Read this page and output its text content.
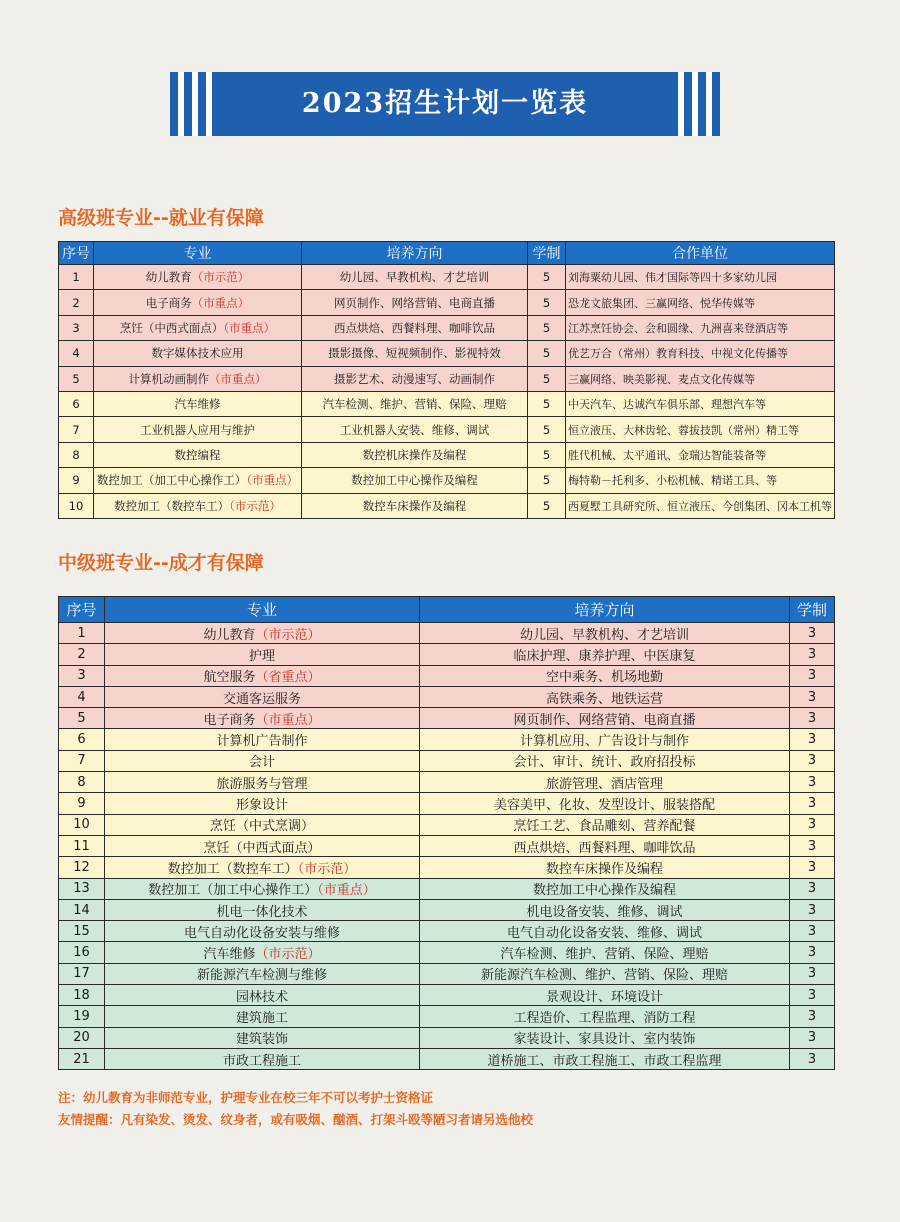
2023招生计划一览表
高级班专业--就业有保障
序号	专业	培养方向	学制	合作单位
1	幼儿教育（市示范）	幼儿园、早教机构、才艺培训	5	刘海粟幼儿园、伟才国际等四十多家幼儿园
2	电子商务（市重点）	网页制作、网络营销、电商直播	5	恐龙文旅集团、三赢网络、悦华传媒等
3	烹饪（中西式面点）（市重点）	西点烘焙、西餐料理、咖啡饮品	5	江苏烹饪协会、会和圆缘、九洲喜来登酒店等
4	数字媒体技术应用	摄影摄像、短视频制作、影视特效	5	优艺万合（常州）教育科技、中视文化传播等
5	计算机动画制作（市重点）	摄影艺术、动漫速写、动画制作	5	三赢网络、映美影视、麦点文化传媒等
6	汽车维修	汽车检测、维护、营销、保险、理赔	5	中天汽车、达诚汽车俱乐部、理想汽车等
7	工业机器人应用与维护	工业机器人安装、维修、调试	5	恒立液压、大林齿轮、蓉拔技凯（常州）精工等
8	数控编程	数控机床操作及编程	5	胜代机械、太平通讯、金瑞达智能装备等
9	数控加工（加工中心操作工）（市重点）	数控加工中心操作及编程	5	梅特勒－托利多、小松机械、精诺工具、等
10	数控加工（数控车工）（市示范）	数控车床操作及编程	5	西夏墅工具研究所、恒立液压、今创集团、冈本工机等
中级班专业--成才有保障
序号	专业	培养方向	学制
1	幼儿教育（市示范）	幼儿园、早教机构、才艺培训	3
2	护理	临床护理、康养护理、中医康复	3
3	航空服务（省重点）	空中乘务、机场地勤	3
4	交通客运服务	高铁乘务、地铁运营	3
5	电子商务（市重点）	网页制作、网络营销、电商直播	3
6	计算机广告制作	计算机应用、广告设计与制作	3
7	会计	会计、审计、统计、政府招投标	3
8	旅游服务与管理	旅游管理、酒店管理	3
9	形象设计	美容美甲、化妆、发型设计、服装搭配	3
10	烹饪（中式烹调）	烹饪工艺、食品雕刻、营养配餐	3
11	烹饪（中西式面点）	西点烘焙、西餐料理、咖啡饮品	3
12	数控加工（数控车工）（市示范）	数控车床操作及编程	3
13	数控加工（加工中心操作工）（市重点）	数控加工中心操作及编程	3
14	机电一体化技术	机电设备安装、维修、调试	3
15	电气自动化设备安装与维修	电气自动化设备安装、维修、调试	3
16	汽车维修（市示范）	汽车检测、维护、营销、保险、理赔	3
17	新能源汽车检测与维修	新能源汽车检测、维护、营销、保险、理赔	3
18	园林技术	景观设计、环境设计	3
19	建筑施工	工程造价、工程监理、消防工程	3
20	建筑装饰	家装设计、家具设计、室内装饰	3
21	市政工程施工	道桥施工、市政工程施工、市政工程监理	3
注：幼儿教育为非师范专业，护理专业在校三年不可以考护士资格证
友情提醒：凡有染发、烫发、纹身者，或有吸烟、酗酒、打架斗殴等陋习者请另选他校
